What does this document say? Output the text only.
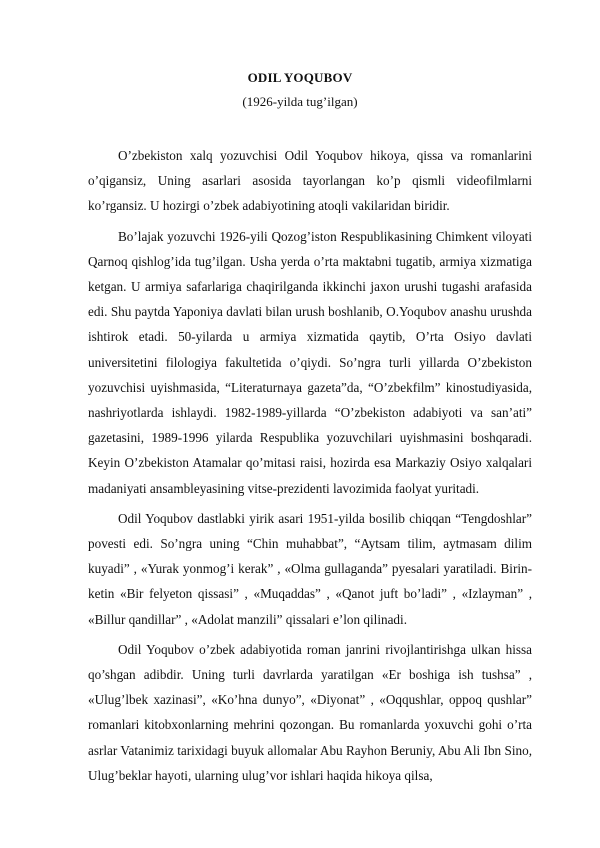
ODIL YOQUBOV
(1926-yilda tug’ilgan)

O’zbekiston xalq yozuvchisi Odil Yoqubov hikoya, qissa va romanlarini o’qigansiz, Uning asarlari asosida tayorlangan ko’p qismli videofilmlarni ko’rgansiz. U hozirgi o’zbek adabiyotining atoqli vakilaridan biridir.

Bo’lajak yozuvchi 1926-yili Qozog’iston Respublikasining Chimkent viloyati Qarnoq qishlog’ida tug’ilgan. Usha yerda o’rta maktabni tugatib, armiya xizmatiga ketgan. U armiya safarlariga chaqirilganda ikkinchi jaxon urushi tugashi arafasida edi. Shu paytda Yaponiya davlati bilan urush boshlanib, O.Yoqubov anashu urushda ishtirok etadi. 50-yilarda u armiya xizmatida qaytib, O’rta Osiyo davlati universitetini filologiya fakultetida o’qiydi. So’ngra turli yillarda O’zbekiston yozuvchisi uyishmasida, “Literaturnaya gazeta”da, “O’zbekfilm” kinostudiyasida, nashriyotlarda ishlaydi. 1982-1989-yillarda “O’zbekiston adabiyoti va san’ati” gazetasini, 1989-1996 yilarda Respublika yozuvchilari uyishmasini boshqaradi. Keyin O’zbekiston Atamalar qo’mitasi raisi, hozirda esa Markaziy Osiyo xalqalari madaniyati ansambleyasining vitse-prezidenti lavozimida faolyat yuritadi.

Odil Yoqubov dastlabki yirik asari 1951-yilda bosilib chiqqan “Tengdoshlar” povesti edi. So’ngra uning “Chin muhabbat”, “Aytsam tilim, aytmasam dilim kuyadi” , «Yurak yonmog’i kerak” , «Olma gullaganda” pyesalari yaratiladi. Birin-ketin «Bir felyeton qissasi” , «Muqaddas” , «Qanot juft bo’ladi” , «Izlayman” , «Billur qandillar” , «Adolat manzili” qissalari e’lon qilinadi.

Odil Yoqubov o’zbek adabiyotida roman janrini rivojlantirishga ulkan hissa qo’shgan adibdir. Uning turli davrlarda yaratilgan «Er boshiga ish tushsa” , «Ulug’lbek xazinasi”, «Ko’hna dunyo”, «Diyonat” , «Oqqushlar, oppoq qushlar” romanlari kitobxonlarning mehrini qozongan. Bu romanlarda yoxuvchi gohi o’rta asrlar Vatanimiz tarixidagi buyuk allomalar Abu Rayhon Beruniy, Abu Ali Ibn Sino, Ulug’beklar hayoti, ularning ulug’vor ishlari haqida hikoya qilsa,
